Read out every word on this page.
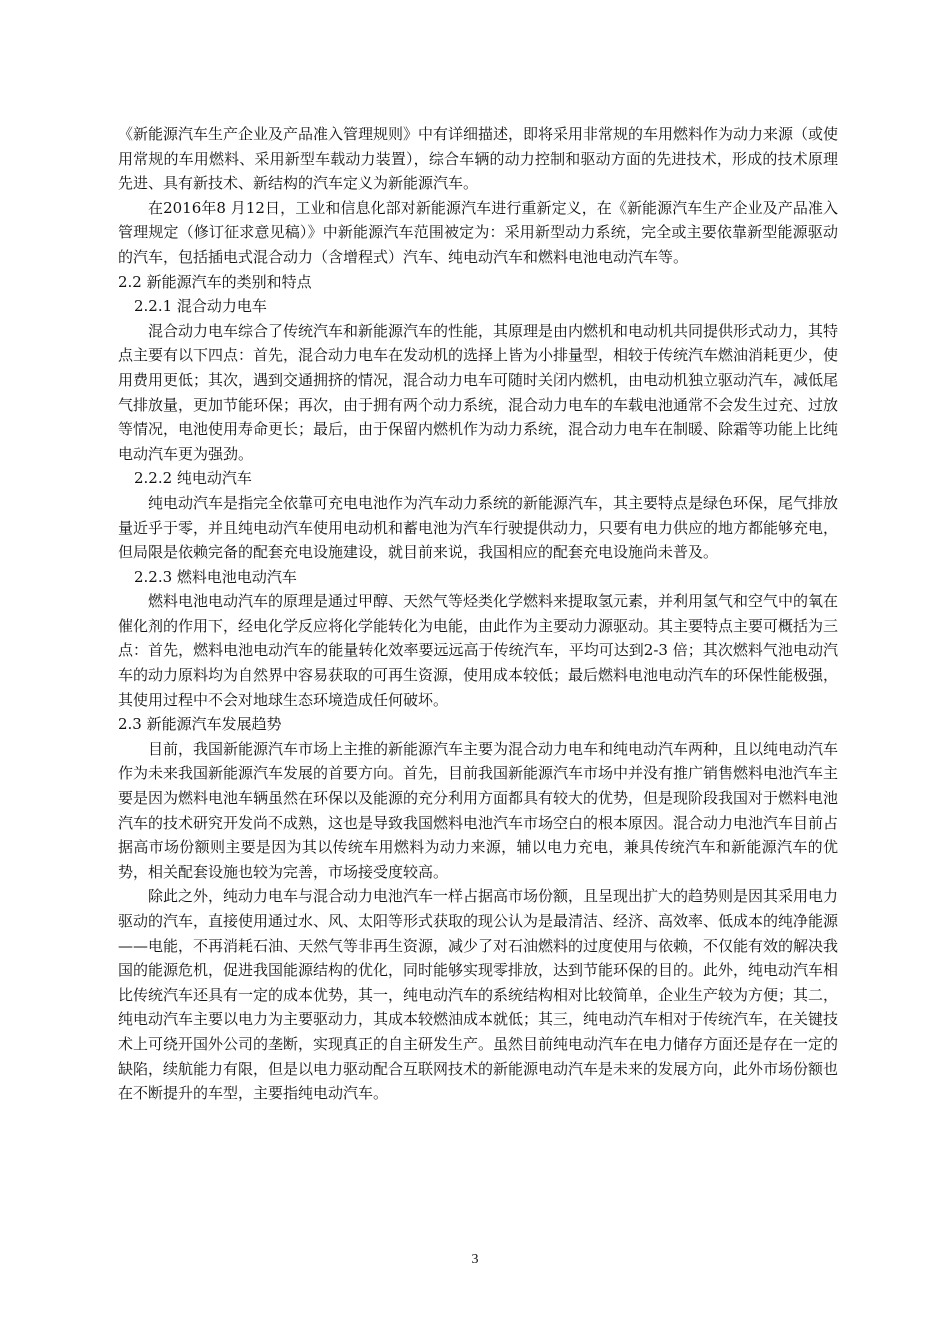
《新能源汽车生产企业及产品准入管理规则》中有详细描述，即将采用非常规的车用燃料作为动力来源（或使用常规的车用燃料、采用新型车载动力装置），综合车辆的动力控制和驱动方面的先进技术，形成的技术原理先进、具有新技术、新结构的汽车定义为新能源汽车。

在2016年8 月12日，工业和信息化部对新能源汽车进行重新定义，在《新能源汽车生产企业及产品准入管理规定（修订征求意见稿）》中新能源汽车范围被定为：采用新型动力系统，完全或主要依靠新型能源驱动的汽车，包括插电式混合动力（含增程式）汽车、纯电动汽车和燃料电池电动汽车等。

2.2 新能源汽车的类别和特点

2.2.1 混合动力电车

混合动力电车综合了传统汽车和新能源汽车的性能，其原理是由内燃机和电动机共同提供形式动力，其特点主要有以下四点：首先，混合动力电车在发动机的选择上皆为小排量型，相较于传统汽车燃油消耗更少，使用费用更低；其次，遇到交通拥挤的情况，混合动力电车可随时关闭内燃机，由电动机独立驱动汽车，减低尾气排放量，更加节能环保；再次，由于拥有两个动力系统，混合动力电车的车载电池通常不会发生过充、过放等情况，电池使用寿命更长；最后，由于保留内燃机作为动力系统，混合动力电车在制暖、除霜等功能上比纯电动汽车更为强劲。

2.2.2 纯电动汽车

纯电动汽车是指完全依靠可充电电池作为汽车动力系统的新能源汽车，其主要特点是绿色环保，尾气排放量近乎于零，并且纯电动汽车使用电动机和蓄电池为汽车行驶提供动力，只要有电力供应的地方都能够充电，但局限是依赖完备的配套充电设施建设，就目前来说，我国相应的配套充电设施尚未普及。

2.2.3 燃料电池电动汽车

燃料电池电动汽车的原理是通过甲醇、天然气等烃类化学燃料来提取氢元素，并利用氢气和空气中的氧在催化剂的作用下，经电化学反应将化学能转化为电能，由此作为主要动力源驱动。其主要特点主要可概括为三点：首先，燃料电池电动汽车的能量转化效率要远远高于传统汽车，平均可达到2-3 倍；其次燃料气池电动汽车的动力原料均为自然界中容易获取的可再生资源，使用成本较低；最后燃料电池电动汽车的环保性能极强，其使用过程中不会对地球生态环境造成任何破坏。

2.3 新能源汽车发展趋势

目前，我国新能源汽车市场上主推的新能源汽车主要为混合动力电车和纯电动汽车两种，且以纯电动汽车作为未来我国新能源汽车发展的首要方向。首先，目前我国新能源汽车市场中并没有推广销售燃料电池汽车主要是因为燃料电池车辆虽然在环保以及能源的充分利用方面都具有较大的优势，但是现阶段我国对于燃料电池汽车的技术研究开发尚不成熟，这也是导致我国燃料电池汽车市场空白的根本原因。混合动力电池汽车目前占据高市场份额则主要是因为其以传统车用燃料为动力来源，辅以电力充电，兼具传统汽车和新能源汽车的优势，相关配套设施也较为完善，市场接受度较高。

除此之外，纯动力电车与混合动力电池汽车一样占据高市场份额，且呈现出扩大的趋势则是因其采用电力驱动的汽车，直接使用通过水、风、太阳等形式获取的现公认为是最清洁、经济、高效率、低成本的纯净能源——电能，不再消耗石油、天然气等非再生资源，减少了对石油燃料的过度使用与依赖，不仅能有效的解决我国的能源危机，促进我国能源结构的优化，同时能够实现零排放，达到节能环保的目的。此外，纯电动汽车相比传统汽车还具有一定的成本优势，其一，纯电动汽车的系统结构相对比较简单，企业生产较为方便；其二，纯电动汽车主要以电力为主要驱动力，其成本较燃油成本就低；其三，纯电动汽车相对于传统汽车，在关键技术上可绕开国外公司的垄断，实现真正的自主研发生产。虽然目前纯电动汽车在电力储存方面还是存在一定的缺陷，续航能力有限，但是以电力驱动配合互联网技术的新能源电动汽车是未来的发展方向，此外市场份额也在不断提升的车型，主要指纯电动汽车。

3
